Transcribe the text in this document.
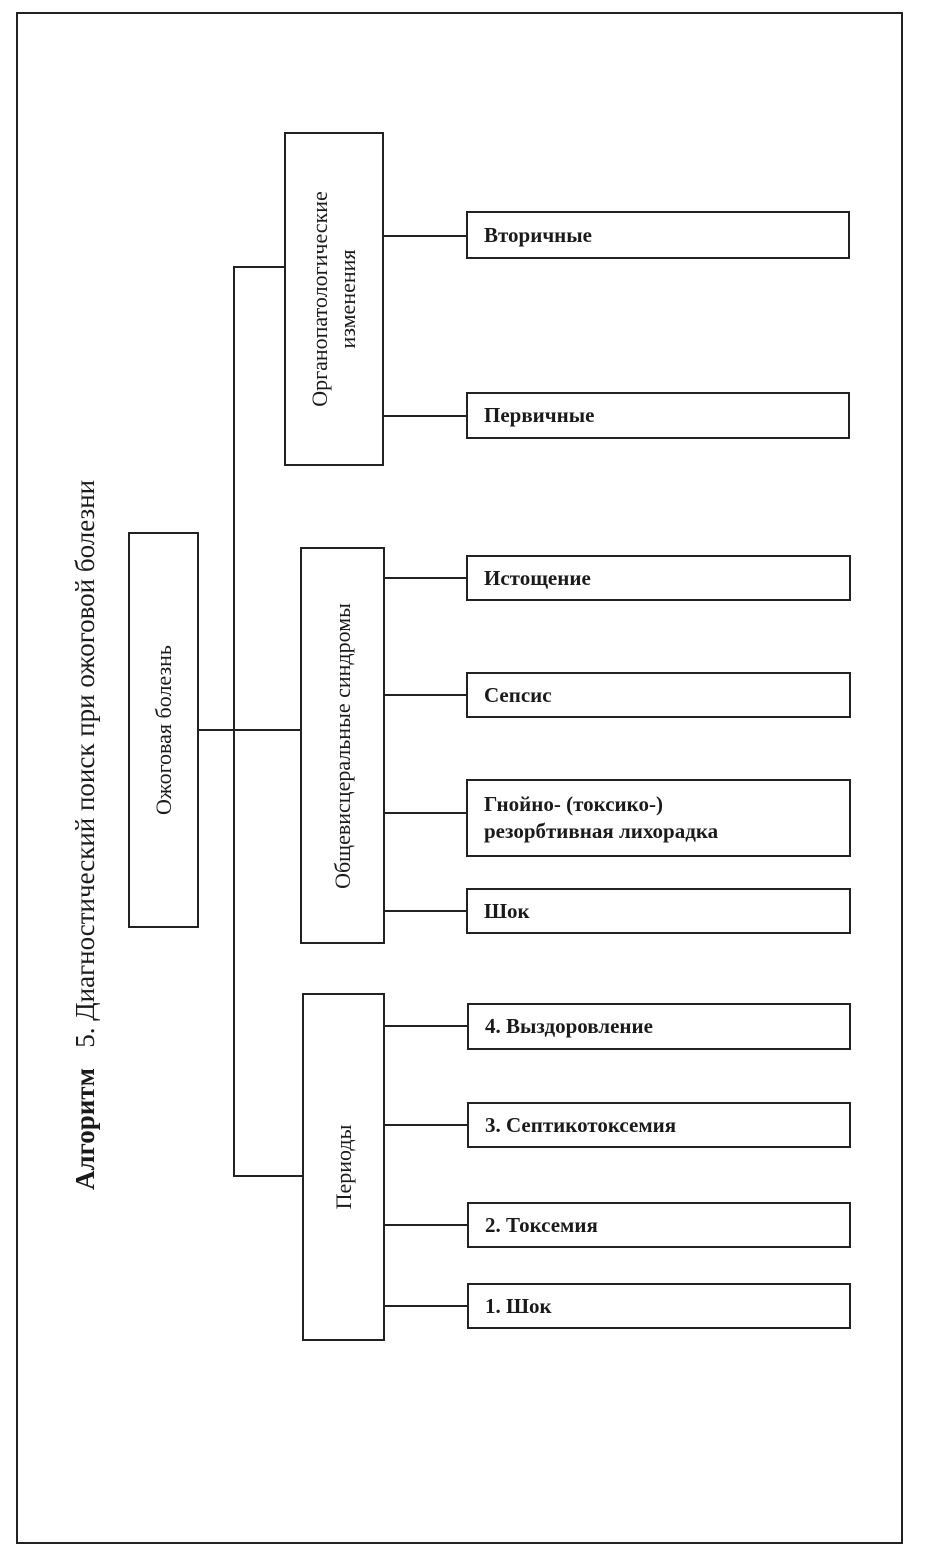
Алгоритм   5. Диагностический поиск при ожоговой болезни Ожоговая болезнь
Органопатологические изменения
Общевисцеральные синдромы
Периоды
Вторичные
Первичные
Истощение
Сепсис
Гнойно- (токсико-)
резорбтивная лихорадка
Шок
4. Выздоровление
3. Септикотоксемия
2. Токсемия
1. Шок
